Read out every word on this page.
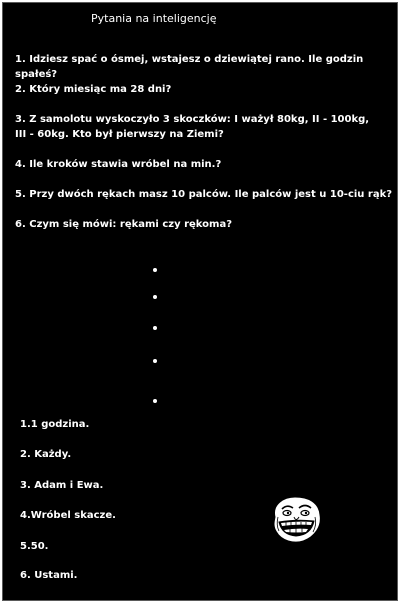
Pytania na inteligencję
1. Idziesz spać o ósmej, wstajesz o dziewiątej rano. Ile godzin spałeś?
2. Który miesiąc ma 28 dni?
3. Z samolotu wyskoczyło 3 skoczków: I ważył 80kg, II - 100kg, III - 60kg. Kto był pierwszy na Ziemi?
4. Ile kroków stawia wróbel na min.?
5. Przy dwóch rękach masz 10 palców. Ile palców jest u 10-ciu rąk?
6. Czym się mówi: rękami czy rękoma?
1.1 godzina.
2. Każdy.
3. Adam i Ewa.
4.Wróbel skacze.
5.50.
6. Ustami.
